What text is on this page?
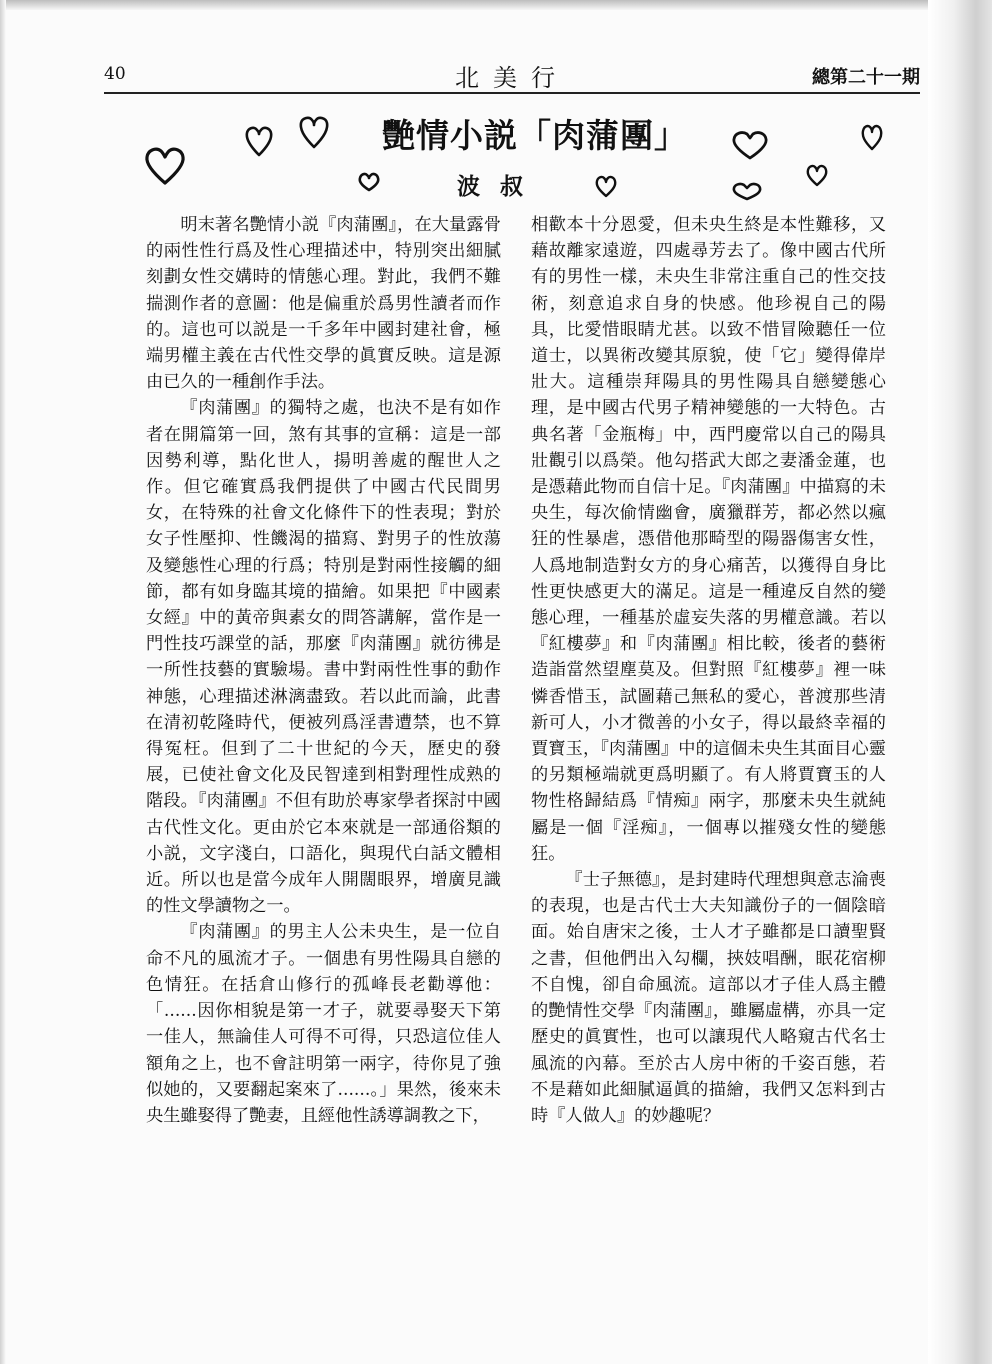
40	北美行	總第二十一期
艷情小説「肉蒲團」
波叔

明末著名艷情小説『肉蒲團』，在大量露骨的兩性性行爲及性心理描述中，特別突出細膩刻劃女性交媾時的情態心理。對此，我們不難揣測作者的意圖：他是偏重於爲男性讀者而作的。這也可以説是一千多年中國封建社會，極端男權主義在古代性交學的眞實反映。這是源由已久的一種創作手法。

『肉蒲團』的獨特之處，也決不是有如作者在開篇第一回，煞有其事的宣稱：這是一部因勢利導，點化世人，揚明善處的醒世人之作。但它確實爲我們提供了中國古代民間男女，在特殊的社會文化條件下的性表現；對於女子性壓抑、性饑渴的描寫、對男子的性放蕩及變態性心理的行爲；特別是對兩性接觸的細節，都有如身臨其境的描繪。如果把『中國素女經』中的黃帝與素女的問答講解，當作是一門性技巧課堂的話，那麼『肉蒲團』就彷彿是一所性技藝的實驗場。書中對兩性性事的動作神態，心理描述淋漓盡致。若以此而論，此書在清初乾隆時代，便被列爲淫書遭禁，也不算得冤枉。但到了二十世紀的今天，歷史的發展，已使社會文化及民智達到相對理性成熟的階段。『肉蒲團』不但有助於專家學者探討中國古代性文化。更由於它本來就是一部通俗類的小説，文字淺白，口語化，與現代白話文體相近。所以也是當今成年人開闊眼界，增廣見識的性文學讀物之一。

『肉蒲團』的男主人公未央生，是一位自命不凡的風流才子。一個患有男性陽具自戀的色情狂。在括倉山修行的孤峰長老勸導他：「......因你相貌是第一才子，就要尋娶天下第一佳人，無論佳人可得不可得，只恐這位佳人額角之上，也不會註明第一兩字，待你見了強似她的，又要翻起案來了......。」果然，後來未央生雖娶得了艷妻，且經他性誘導調教之下，

相歡本十分恩愛，但未央生終是本性難移，又藉故離家遠遊，四處尋芳去了。像中國古代所有的男性一樣，未央生非常注重自己的性交技術，刻意追求自身的快感。他珍視自己的陽具，比愛惜眼睛尤甚。以致不惜冒險聽任一位道士，以異術改變其原貌，使「它」變得偉岸壯大。這種崇拜陽具的男性陽具自戀變態心理，是中國古代男子精神變態的一大特色。古典名著「金瓶梅」中，西門慶常以自己的陽具壯觀引以爲榮。他勾搭武大郎之妻潘金蓮，也是憑藉此物而自信十足。『肉蒲團』中描寫的未央生，每次偷情幽會，廣獵群芳，都必然以瘋狂的性暴虐，憑借他那畸型的陽器傷害女性，人爲地制造對女方的身心痛苦，以獲得自身比性更快感更大的滿足。這是一種違反自然的變態心理，一種基於虛妄失落的男權意識。若以『紅樓夢』和『肉蒲團』相比較，後者的藝術造詣當然望塵莫及。但對照『紅樓夢』裡一味憐香惜玉，試圖藉己無私的愛心，普渡那些清新可人，小才微善的小女子，得以最終幸福的賈寶玉，『肉蒲團』中的這個未央生其面目心靈的另類極端就更爲明顯了。有人將賈寶玉的人物性格歸結爲『情痴』兩字，那麼未央生就純屬是一個『淫痴』，一個專以摧殘女性的變態狂。

『士子無德』，是封建時代理想與意志淪喪的表現，也是古代士大夫知識份子的一個陰暗面。始自唐宋之後，士人才子雖都是口讀聖賢之書，但他們出入勾欄，挾妓唱酬，眠花宿柳不自愧，卻自命風流。這部以才子佳人爲主體的艷情性交學『肉蒲團』，雖屬虛構，亦具一定歷史的眞實性，也可以讓現代人略窺古代名士風流的內幕。至於古人房中術的千姿百態，若不是藉如此細膩逼眞的描繪，我們又怎料到古時『人做人』的妙趣呢？
